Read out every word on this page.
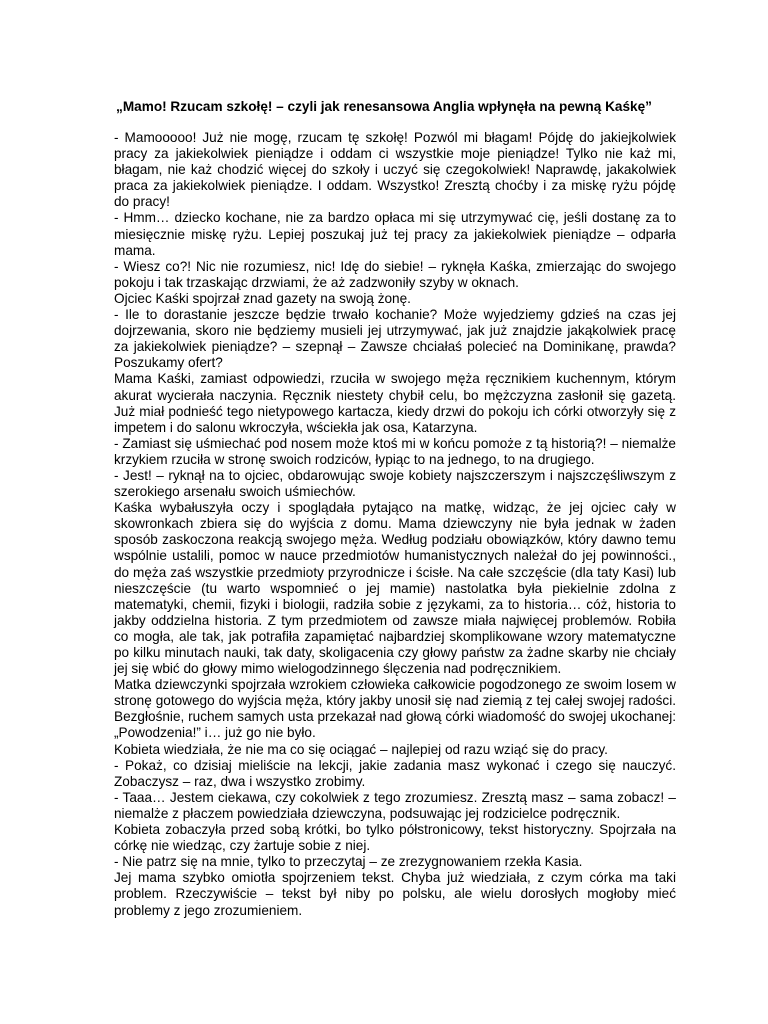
„Mamo! Rzucam szkołę! – czyli jak renesansowa Anglia wpłynęła na pewną Kaśkę”

- Mamooooo! Już nie mogę, rzucam tę szkołę! Pozwól mi błagam! Pójdę do jakiejkolwiek pracy za jakiekolwiek pieniądze i oddam ci wszystkie moje pieniądze! Tylko nie każ mi, błagam, nie każ chodzić więcej do szkoły i uczyć się czegokolwiek! Naprawdę, jakakolwiek praca za jakiekolwiek pieniądze. I oddam. Wszystko! Zresztą choćby i za miskę ryżu pójdę do pracy!

- Hmm… dziecko kochane, nie za bardzo opłaca mi się utrzymywać cię, jeśli dostanę za to miesięcznie miskę ryżu. Lepiej poszukaj już tej pracy za jakiekolwiek pieniądze – odparła mama.

- Wiesz co?! Nic nie rozumiesz, nic! Idę do siebie! – ryknęła Kaśka, zmierzając do swojego pokoju i tak trzaskając drzwiami, że aż zadzwoniły szyby w oknach.

Ojciec Kaśki spojrzał znad gazety na swoją żonę.

- Ile to dorastanie jeszcze będzie trwało kochanie? Może wyjedziemy gdzieś na czas jej dojrzewania, skoro nie będziemy musieli jej utrzymywać, jak już znajdzie jakąkolwiek pracę za jakiekolwiek pieniądze? – szepnął – Zawsze chciałaś polecieć na Dominikanę, prawda? Poszukamy ofert?

Mama Kaśki, zamiast odpowiedzi, rzuciła w swojego męża ręcznikiem kuchennym, którym akurat wycierała naczynia. Ręcznik niestety chybił celu, bo mężczyzna zasłonił się gazetą. Już miał podnieść tego nietypowego kartacza, kiedy drzwi do pokoju ich córki otworzyły się z impetem i do salonu wkroczyła, wściekła jak osa, Katarzyna.

- Zamiast się uśmiechać pod nosem może ktoś mi w końcu pomoże z tą historią?! – niemalże krzykiem rzuciła w stronę swoich rodziców, łypiąc to na jednego, to na drugiego.

- Jest! – ryknął na to ojciec, obdarowując swoje kobiety najszczerszym i najszczęśliwszym z szerokiego arsenału swoich uśmiechów.

Kaśka wybałuszyła oczy i spoglądała pytająco na matkę, widząc, że jej ojciec cały w skowronkach zbiera się do wyjścia z domu. Mama dziewczyny nie była jednak w żaden sposób zaskoczona reakcją swojego męża. Według podziału obowiązków, który dawno temu wspólnie ustalili, pomoc w nauce przedmiotów humanistycznych należał do jej powinności., do męża zaś wszystkie przedmioty przyrodnicze i ścisłe. Na całe szczęście (dla taty Kasi) lub nieszczęście (tu warto wspomnieć o jej mamie) nastolatka była piekielnie zdolna z matematyki, chemii, fizyki i biologii, radziła sobie z językami, za to historia… cóż, historia to jakby oddzielna historia. Z tym przedmiotem od zawsze miała najwięcej problemów. Robiła co mogła, ale tak, jak potrafiła zapamiętać najbardziej skomplikowane wzory matematyczne po kilku minutach nauki, tak daty, skoligacenia czy głowy państw za żadne skarby nie chciały jej się wbić do głowy mimo wielogodzinnego ślęczenia nad podręcznikiem.

Matka dziewczynki spojrzała wzrokiem człowieka całkowicie pogodzonego ze swoim losem w stronę gotowego do wyjścia męża, który jakby unosił się nad ziemią z tej całej swojej radości. Bezgłośnie, ruchem samych usta przekazał nad głową córki wiadomość do swojej ukochanej: „Powodzenia!” i… już go nie było.

Kobieta wiedziała, że nie ma co się ociągać – najlepiej od razu wziąć się do pracy.

- Pokaż, co dzisiaj mieliście na lekcji, jakie zadania masz wykonać i czego się nauczyć. Zobaczysz – raz, dwa i wszystko zrobimy.

- Taaa… Jestem ciekawa, czy cokolwiek z tego zrozumiesz. Zresztą masz – sama zobacz! – niemalże z płaczem powiedziała dziewczyna, podsuwając jej rodzicielce podręcznik.

Kobieta zobaczyła przed sobą krótki, bo tylko półstronicowy, tekst historyczny. Spojrzała na córkę nie wiedząc, czy żartuje sobie z niej.

- Nie patrz się na mnie, tylko to przeczytaj – ze zrezygnowaniem rzekła Kasia.

Jej mama szybko omiotła spojrzeniem tekst. Chyba już wiedziała, z czym córka ma taki problem. Rzeczywiście – tekst był niby po polsku, ale wielu dorosłych mogłoby mieć problemy z jego zrozumieniem.
